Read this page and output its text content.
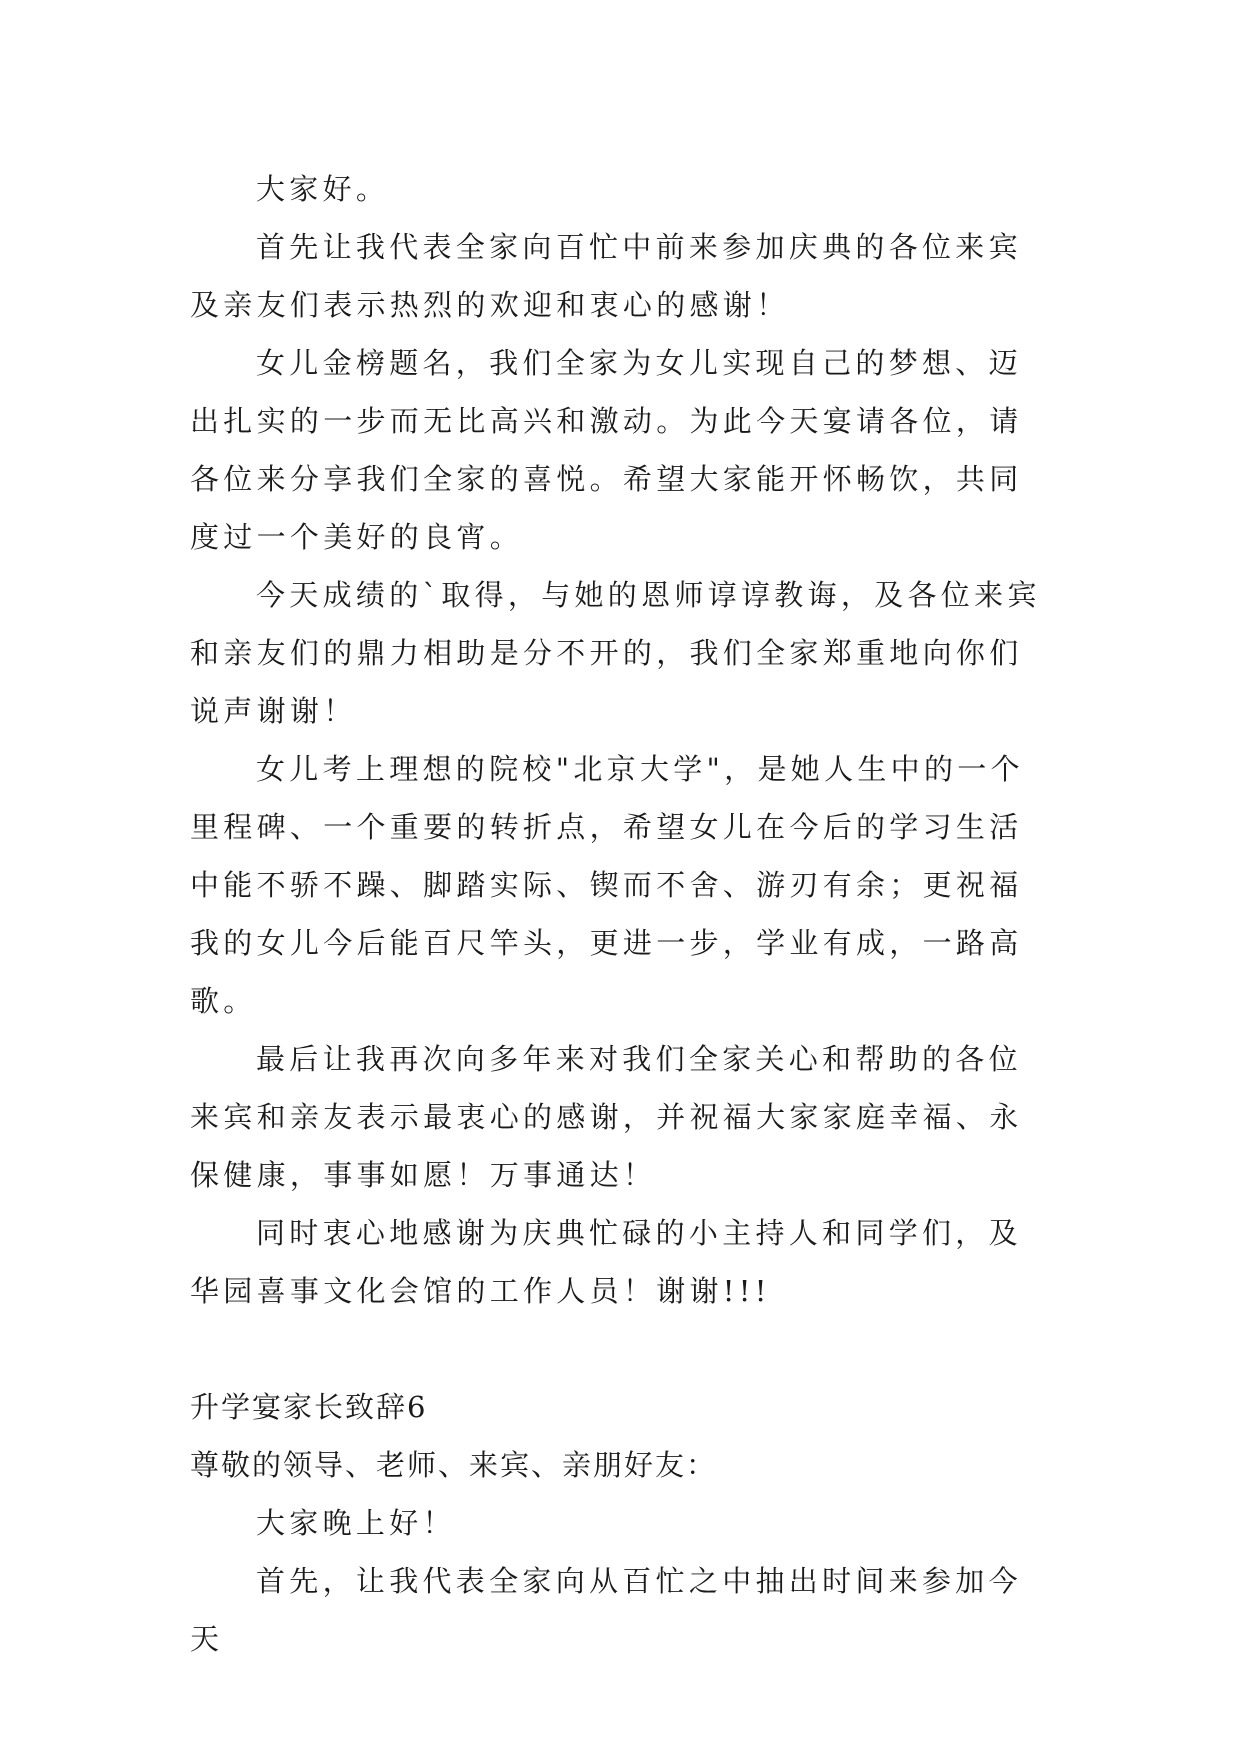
大家好。

首先让我代表全家向百忙中前来参加庆典的各位来宾及亲友们表示热烈的欢迎和衷心的感谢！

女儿金榜题名，我们全家为女儿实现自己的梦想、迈出扎实的一步而无比高兴和激动。为此今天宴请各位，请各位来分享我们全家的喜悦。希望大家能开怀畅饮，共同度过一个美好的良宵。

今天成绩的`取得，与她的恩师谆谆教诲，及各位来宾和亲友们的鼎力相助是分不开的，我们全家郑重地向你们说声谢谢！

女儿考上理想的院校"北京大学"，是她人生中的一个里程碑、一个重要的转折点，希望女儿在今后的学习生活中能不骄不躁、脚踏实际、锲而不舍、游刃有余；更祝福我的女儿今后能百尺竿头，更进一步，学业有成，一路高歌。

最后让我再次向多年来对我们全家关心和帮助的各位来宾和亲友表示最衷心的感谢，并祝福大家家庭幸福、永保健康，事事如愿！万事通达！

同时衷心地感谢为庆典忙碌的小主持人和同学们，及华园喜事文化会馆的工作人员！谢谢!!!

升学宴家长致辞6

尊敬的领导、老师、来宾、亲朋好友：

大家晚上好！

首先，让我代表全家向从百忙之中抽出时间来参加今天
